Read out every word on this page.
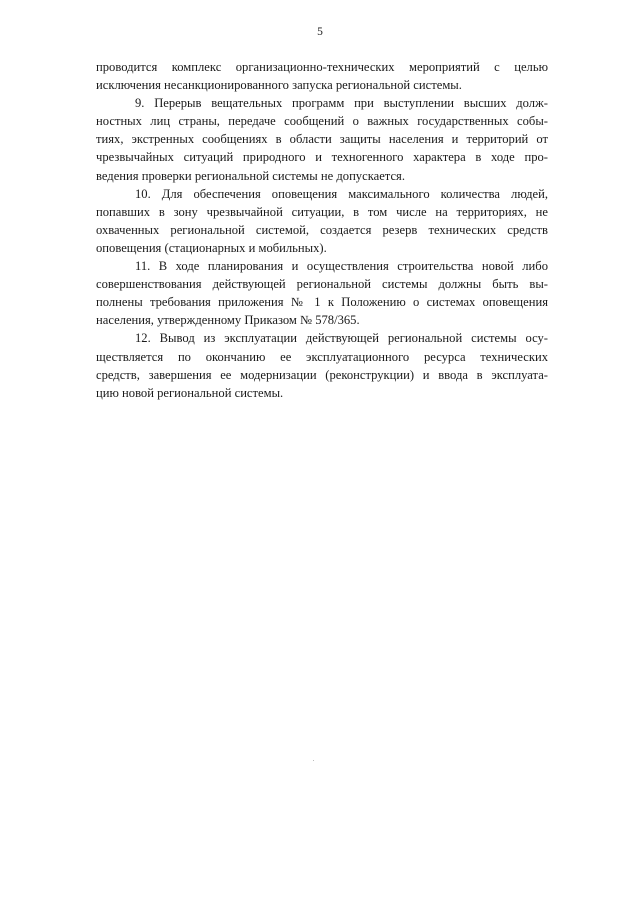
5
проводится комплекс организационно-технических мероприятий с целью
исключения несанкционированного запуска региональной системы.
9. Перерыв вещательных программ при выступлении высших долж-
ностных лиц страны, передаче сообщений о важных государственных собы-
тиях, экстренных сообщениях в области защиты населения и территорий от
чрезвычайных ситуаций природного и техногенного характера в ходе про-
ведения проверки региональной системы не допускается.
10. Для обеспечения оповещения максимального количества людей,
попавших в зону чрезвычайной ситуации, в том числе на территориях, не
охваченных региональной системой, создается резерв технических средств
оповещения (стационарных и мобильных).
11. В ходе планирования и осуществления строительства новой либо
совершенствования действующей региональной системы должны быть вы-
полнены требования приложения № 1 к Положению о системах оповещения
населения, утвержденному Приказом № 578/365.
12. Вывод из эксплуатации действующей региональной системы осу-
ществляется по окончанию ее эксплуатационного ресурса технических
средств, завершения ее модернизации (реконструкции) и ввода в эксплуата-
цию новой региональной системы.
